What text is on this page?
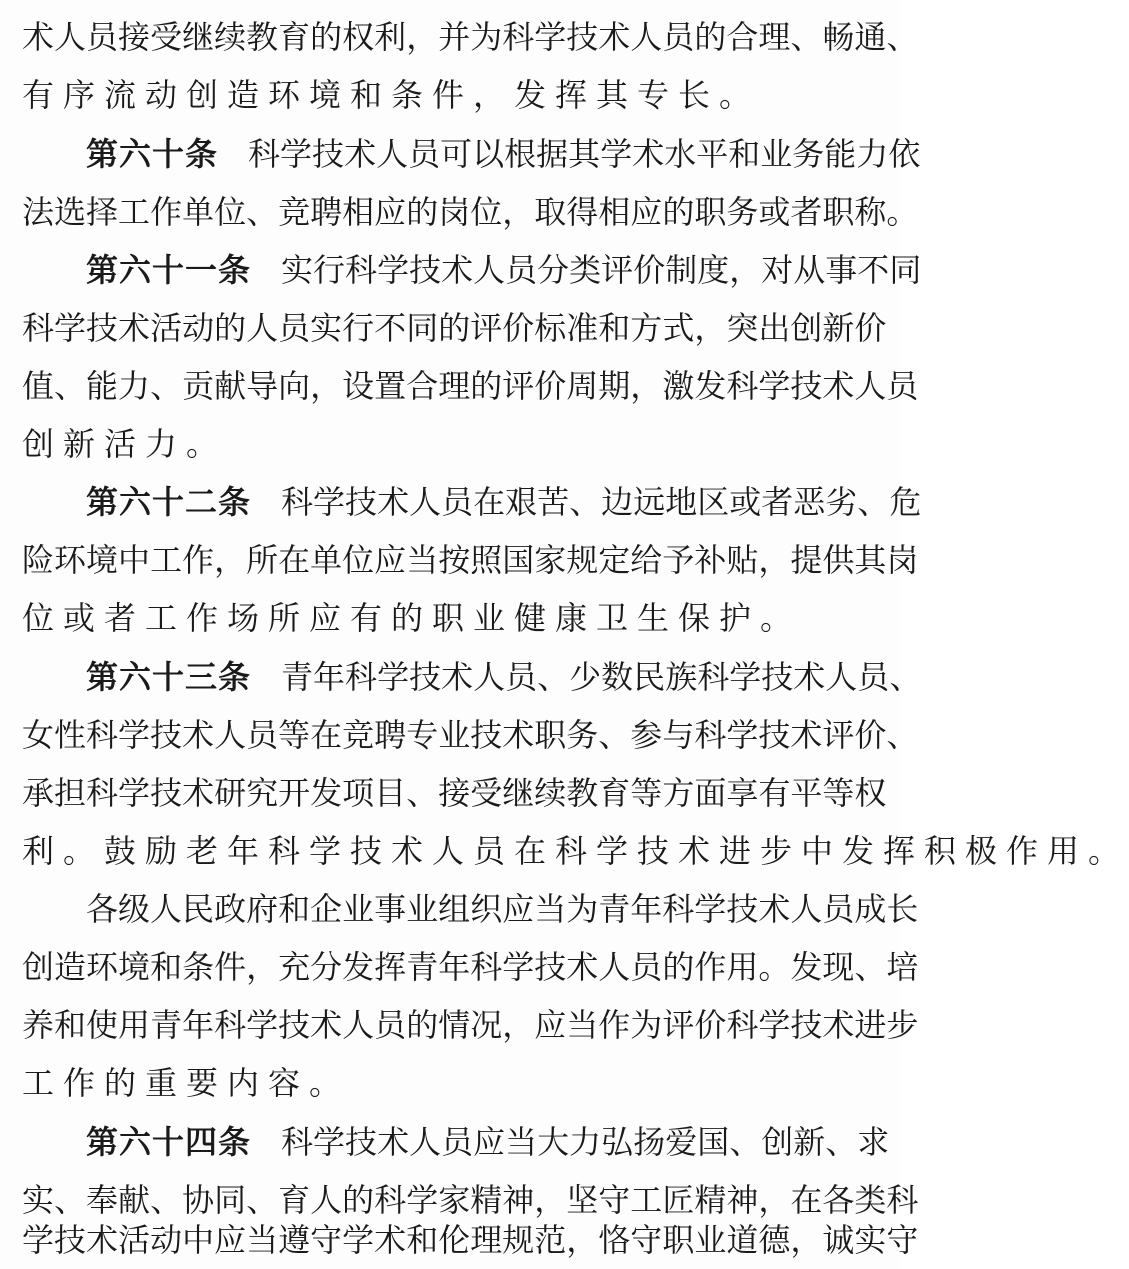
术 人 员 接 受 继 续 教 育 的 权 利 ， 并 为 科 学 技 术 人 员 的 合 理 、 畅 通 、
有序流动创造环境和条件，发挥其专长。
第六十条 科 学 技 术 人 员 可 以 根 据 其 学 术 水 平 和 业 务 能 力 依
法 选 择 工 作 单 位 、 竞 聘 相 应 的 岗 位 ， 取 得 相 应 的 职 务 或 者 职 称 。
第六十一条 实 行 科 学 技 术 人 员 分 类 评 价 制 度 ， 对 从 事 不 同
科 学 技 术 活 动 的 人 员 实 行 不 同 的 评 价 标 准 和 方 式 ， 突 出 创 新 价
值 、 能 力 、 贡 献 导 向 ， 设 置 合 理 的 评 价 周 期 ， 激 发 科 学 技 术 人 员
创新活力。
第六十二条 科 学 技 术 人 员 在 艰 苦 、 边 远 地 区 或 者 恶 劣 、 危
险 环 境 中 工 作 ， 所 在 单 位 应 当 按 照 国 家 规 定 给 予 补 贴 ， 提 供 其 岗
位或者工作场所应有的职业健康卫生保护。
第六十三条 青 年 科 学 技 术 人 员 、 少 数 民 族 科 学 技 术 人 员 、
女 性 科 学 技 术 人 员 等 在 竞 聘 专 业 技 术 职 务 、 参 与 科 学 技 术 评 价 、
承 担 科 学 技 术 研 究 开 发 项 目 、 接 受 继 续 教 育 等 方 面 享 有 平 等 权
利。鼓励老年科学技术人员在科学技术进步中发挥积极作用。
各 级 人 民 政 府 和 企 业 事 业 组 织 应 当 为 青 年 科 学 技 术 人 员 成 长
创 造 环 境 和 条 件 ， 充 分 发 挥 青 年 科 学 技 术 人 员 的 作 用 。 发 现 、 培
养 和 使 用 青 年 科 学 技 术 人 员 的 情 况 ， 应 当 作 为 评 价 科 学 技 术 进 步
工作的重要内容。
第六十四条 科 学 技 术 人 员 应 当 大 力 弘 扬 爱 国 、 创 新 、 求
实 、 奉 献 、 协 同 、 育 人 的 科 学 家 精 神 ， 坚 守 工 匠 精 神 ， 在 各 类 科
学 技 术 活 动 中 应 当 遵 守 学 术 和 伦 理 规 范 ， 恪 守 职 业 道 德 ， 诚 实 守
